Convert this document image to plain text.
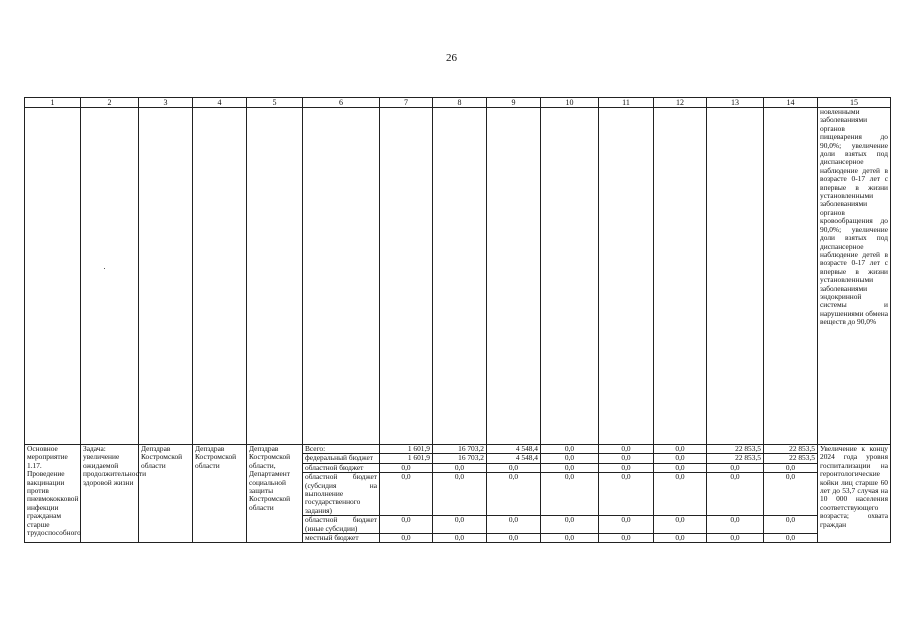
26
1	2	3	4	5	6	7	8	9	10	11	12	13	14	15
														новленными заболеваниями органов пищеварения до 90,0%; увеличение доли взятых под диспансерное наблюдение детей в возрасте 0-17 лет с впервые в жизни установленными заболеваниями органов кровообращения до 90,0%; увеличение доли взятых под диспансерное наблюдение детей в возрасте 0-17 лет с впервые в жизни установленными заболеваниями эндокринной системы и нарушениями обмена веществ до 90,0%
Основное мероприятие 1.17. Проведение вакцинации против пневмококковой инфекции гражданам старше трудоспособного	Задача: увеличение ожидаемой продолжительности здоровой жизни	Депздрав Костромской области	Депздрав Костромской области	Депздрав Костромской области, Департамент социальной защиты Костромской области	Всего:	1 601,9	16 703,2	4 548,4	0,0	0,0	0,0	22 853,5	22 853,5	Увеличение к концу 2024 года уровня госпитализации на геронтологические койки лиц старше 60 лет до 53,7 случая на 10 000 населения соответствующего возраста; охвата граждан
					федеральный бюджет	1 601,9	16 703,2	4 548,4	0,0	0,0	0,0	22 853,5	22 853,5	
					областной бюджет	0,0	0,0	0,0	0,0	0,0	0,0	0,0	0,0	
					областной бюджет (субсидия на выполнение государственного задания)	0,0	0,0	0,0	0,0	0,0	0,0	0,0	0,0	
					областной бюджет (иные субсидии)	0,0	0,0	0,0	0,0	0,0	0,0	0,0	0,0	
					местный бюджет	0,0	0,0	0,0	0,0	0,0	0,0	0,0	0,0	
